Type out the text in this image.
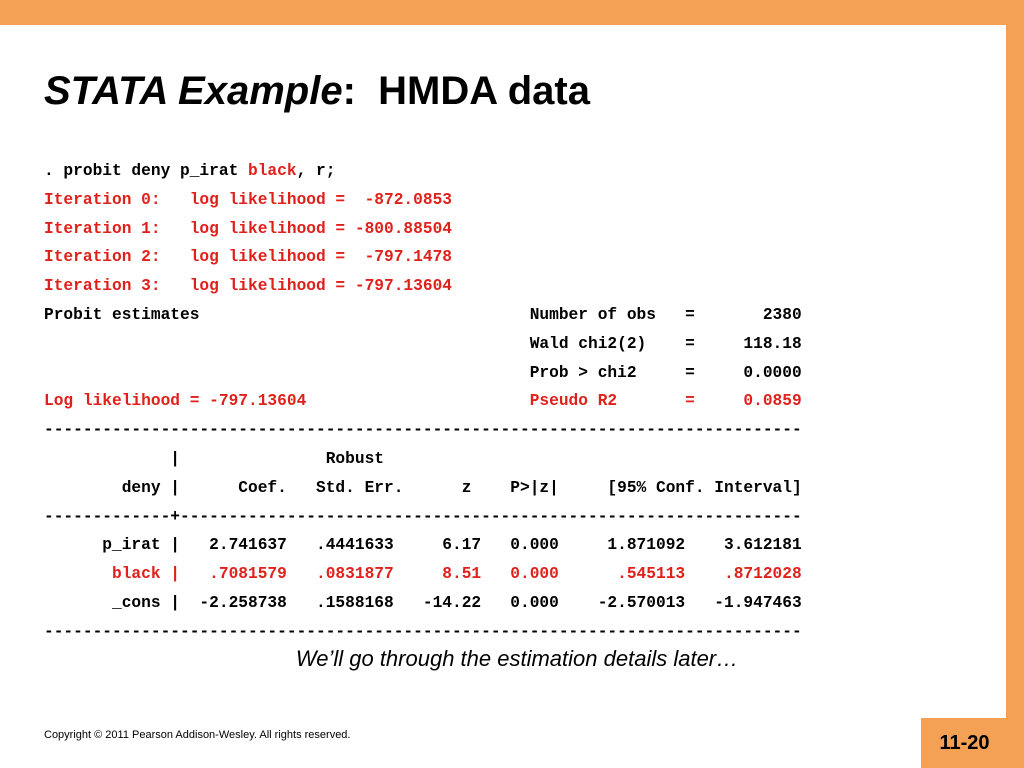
11-20
STATA Example:  HMDA data
. probit deny p_irat black, r;
Iteration 0:   log likelihood =  -872.0853
Iteration 1:   log likelihood = -800.88504
Iteration 2:   log likelihood =  -797.1478
Iteration 3:   log likelihood = -797.13604
Probit estimates                                  Number of obs   =       2380
Wald chi2(2)    =     118.18
Prob > chi2     =     0.0000
Log likelihood = -797.13604                       Pseudo R2       =     0.0859
------------------------------------------------------------------------------
|               Robust
deny |      Coef.   Std. Err.      z    P>|z|     [95% Conf. Interval]
-------------+----------------------------------------------------------------
p_irat |   2.741637   .4441633     6.17   0.000     1.871092    3.612181
black |   .7081579   .0831877     8.51   0.000      .545113    .8712028
_cons |  -2.258738   .1588168   -14.22   0.000    -2.570013   -1.947463
------------------------------------------------------------------------------
We’ll go through the estimation details later…
Copyright © 2011 Pearson Addison-Wesley. All rights reserved.
